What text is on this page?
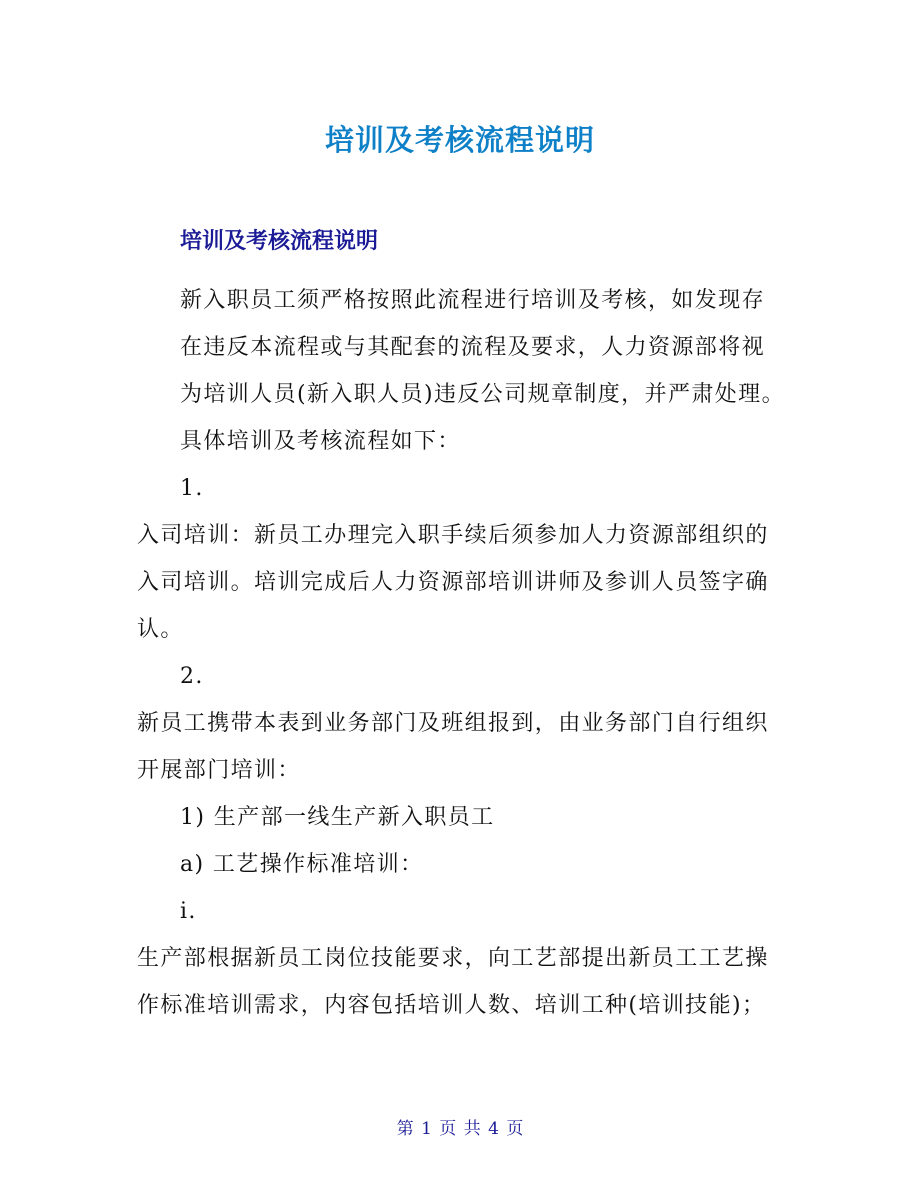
培训及考核流程说明
培训及考核流程说明

新入职员工须严格按照此流程进行培训及考核，如发现存在违反本流程或与其配套的流程及要求，人力资源部将视为培训人员(新入职人员)违反公司规章制度，并严肃处理。

具体培训及考核流程如下：

1.

入司培训：新员工办理完入职手续后须参加人力资源部组织的入司培训。培训完成后人力资源部培训讲师及参训人员签字确认。

2.

新员工携带本表到业务部门及班组报到，由业务部门自行组织开展部门培训：

1) 生产部一线生产新入职员工

a) 工艺操作标准培训：

i.

生产部根据新员工岗位技能要求，向工艺部提出新员工工艺操作标准培训需求，内容包括培训人数、培训工种(培训技能)；

第 1 页 共 4 页
